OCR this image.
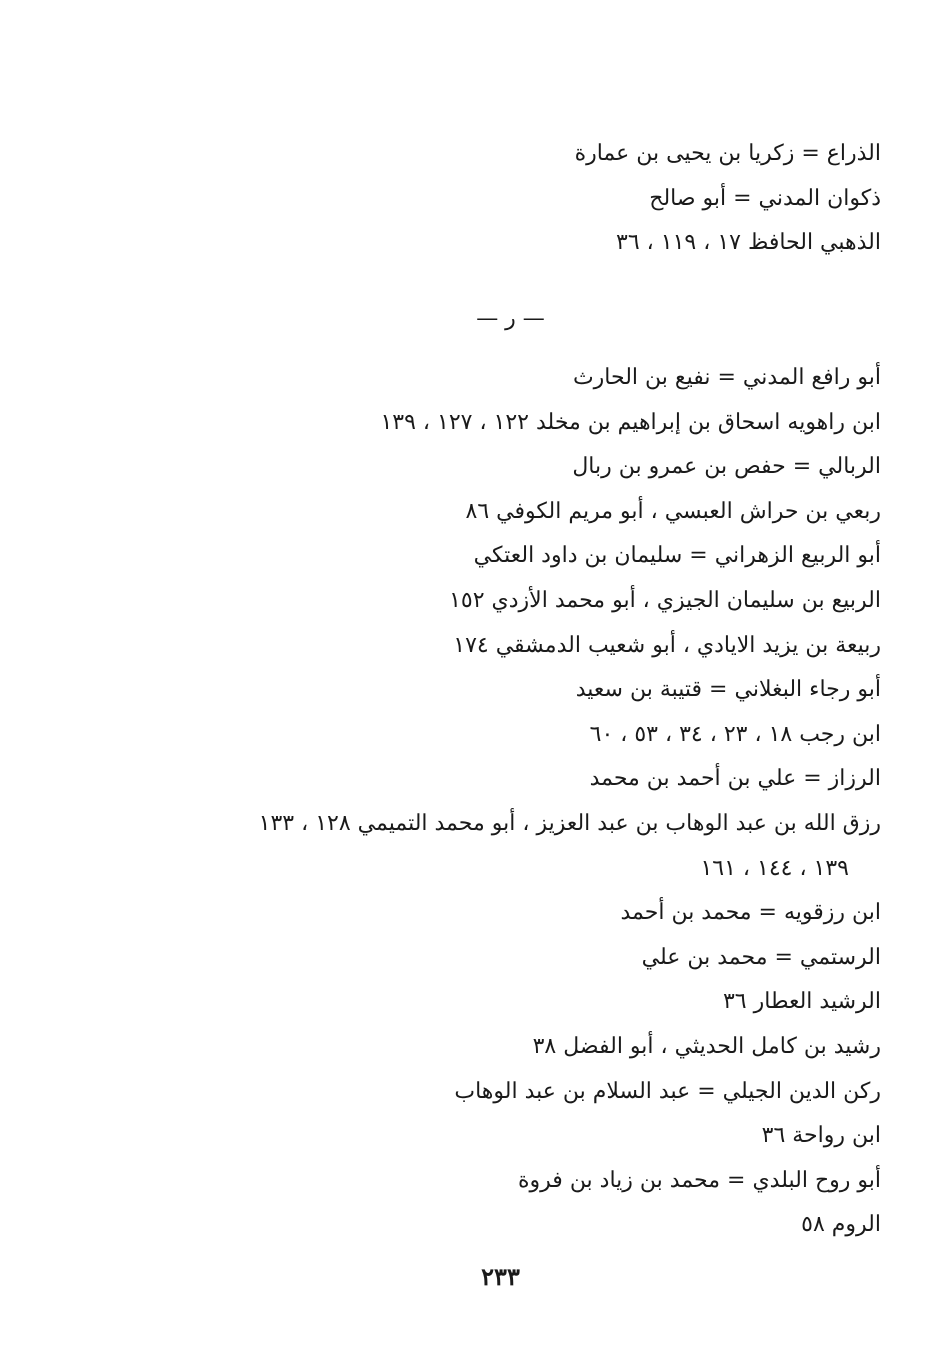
الذراع = زكريا بن يحيى بن عمارة
ذكوان المدني = أبو صالح
الذهبي الحافظ ١٧ ، ١١٩ ، ٣٦
— ر —
أبو رافع المدني = نفيع بن الحارث
ابن راهويه اسحاق بن إبراهيم بن مخلد ١٢٢ ، ١٢٧ ، ١٣٩
الربالي = حفص بن عمرو بن ربال
ربعي بن حراش العبسي ، أبو مريم الكوفي ٨٦
أبو الربيع الزهراني = سليمان بن داود العتكي
الربيع بن سليمان الجيزي ، أبو محمد الأزدي ١٥٢
ربيعة بن يزيد الايادي ، أبو شعيب الدمشقي ١٧٤
أبو رجاء البغلاني = قتيبة بن سعيد
ابن رجب ١٨ ، ٢٣ ، ٣٤ ، ٥٣ ، ٦٠
الرزاز = علي بن أحمد بن محمد
رزق الله بن عبد الوهاب بن عبد العزيز ، أبو محمد التميمي ١٢٨ ، ١٣٣
١٣٩ ، ١٤٤ ، ١٦١
ابن رزقويه = محمد بن أحمد
الرستمي = محمد بن علي
الرشيد العطار ٣٦
رشيد بن كامل الحديثي ، أبو الفضل ٣٨
ركن الدين الجيلي = عبد السلام بن عبد الوهاب
ابن رواحة ٣٦
أبو روح البلدي = محمد بن زياد بن فروة
الروم ٥٨
٢٣٣
